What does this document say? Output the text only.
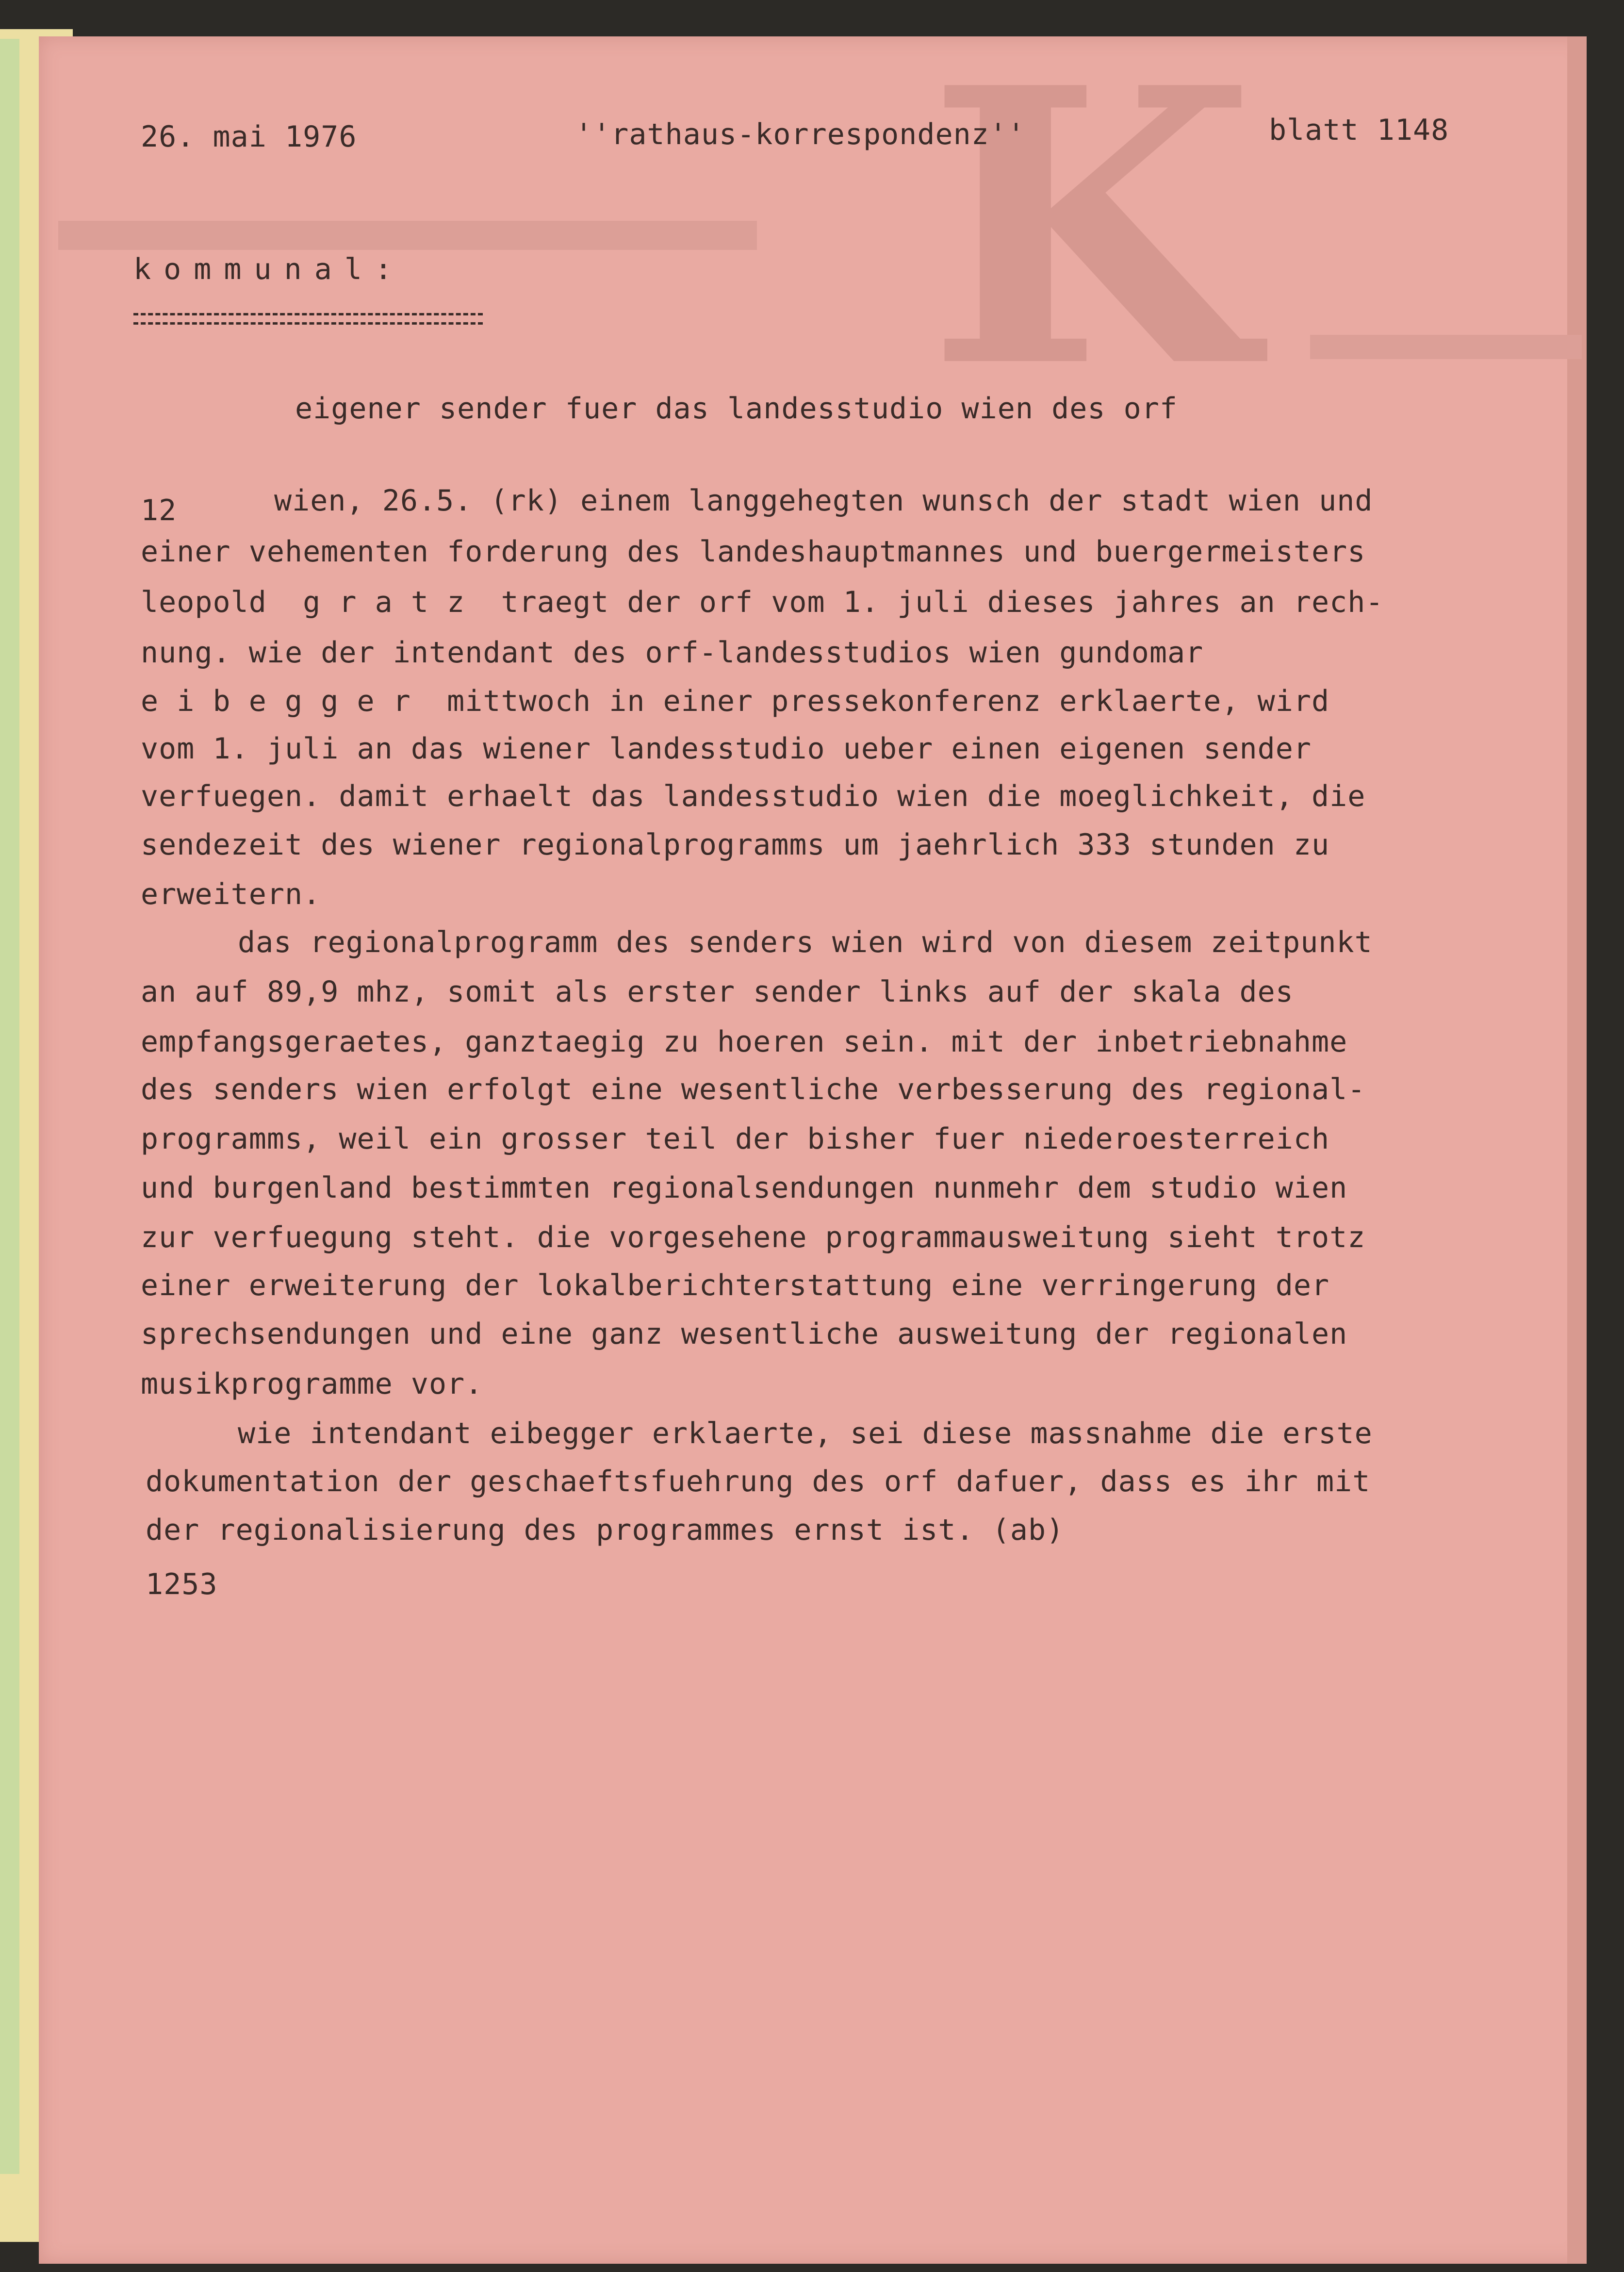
K
26. mai 1976	''rathaus-korrespondenz''	blatt 1148
kommunal:
eigener sender fuer das landesstudio wien des orf
12	wien, 26.5. (rk) einem langgehegten wunsch der stadt wien und
einer vehementen forderung des landeshauptmannes und buergermeisters
leopold  g r a t z  traegt der orf vom 1. juli dieses jahres an rech-
nung. wie der intendant des orf-landesstudios wien gundomar
e i b e g g e r  mittwoch in einer pressekonferenz erklaerte, wird
vom 1. juli an das wiener landesstudio ueber einen eigenen sender
verfuegen. damit erhaelt das landesstudio wien die moeglichkeit, die
sendezeit des wiener regionalprogramms um jaehrlich 333 stunden zu
erweitern.
das regionalprogramm des senders wien wird von diesem zeitpunkt
an auf 89,9 mhz, somit als erster sender links auf der skala des
empfangsgeraetes, ganztaegig zu hoeren sein. mit der inbetriebnahme
des senders wien erfolgt eine wesentliche verbesserung des regional-
programms, weil ein grosser teil der bisher fuer niederoesterreich
und burgenland bestimmten regionalsendungen nunmehr dem studio wien
zur verfuegung steht. die vorgesehene programmausweitung sieht trotz
einer erweiterung der lokalberichterstattung eine verringerung der
sprechsendungen und eine ganz wesentliche ausweitung der regionalen
musikprogramme vor.
wie intendant eibegger erklaerte, sei diese massnahme die erste
dokumentation der geschaeftsfuehrung des orf dafuer, dass es ihr mit
der regionalisierung des programmes ernst ist. (ab)
1253
